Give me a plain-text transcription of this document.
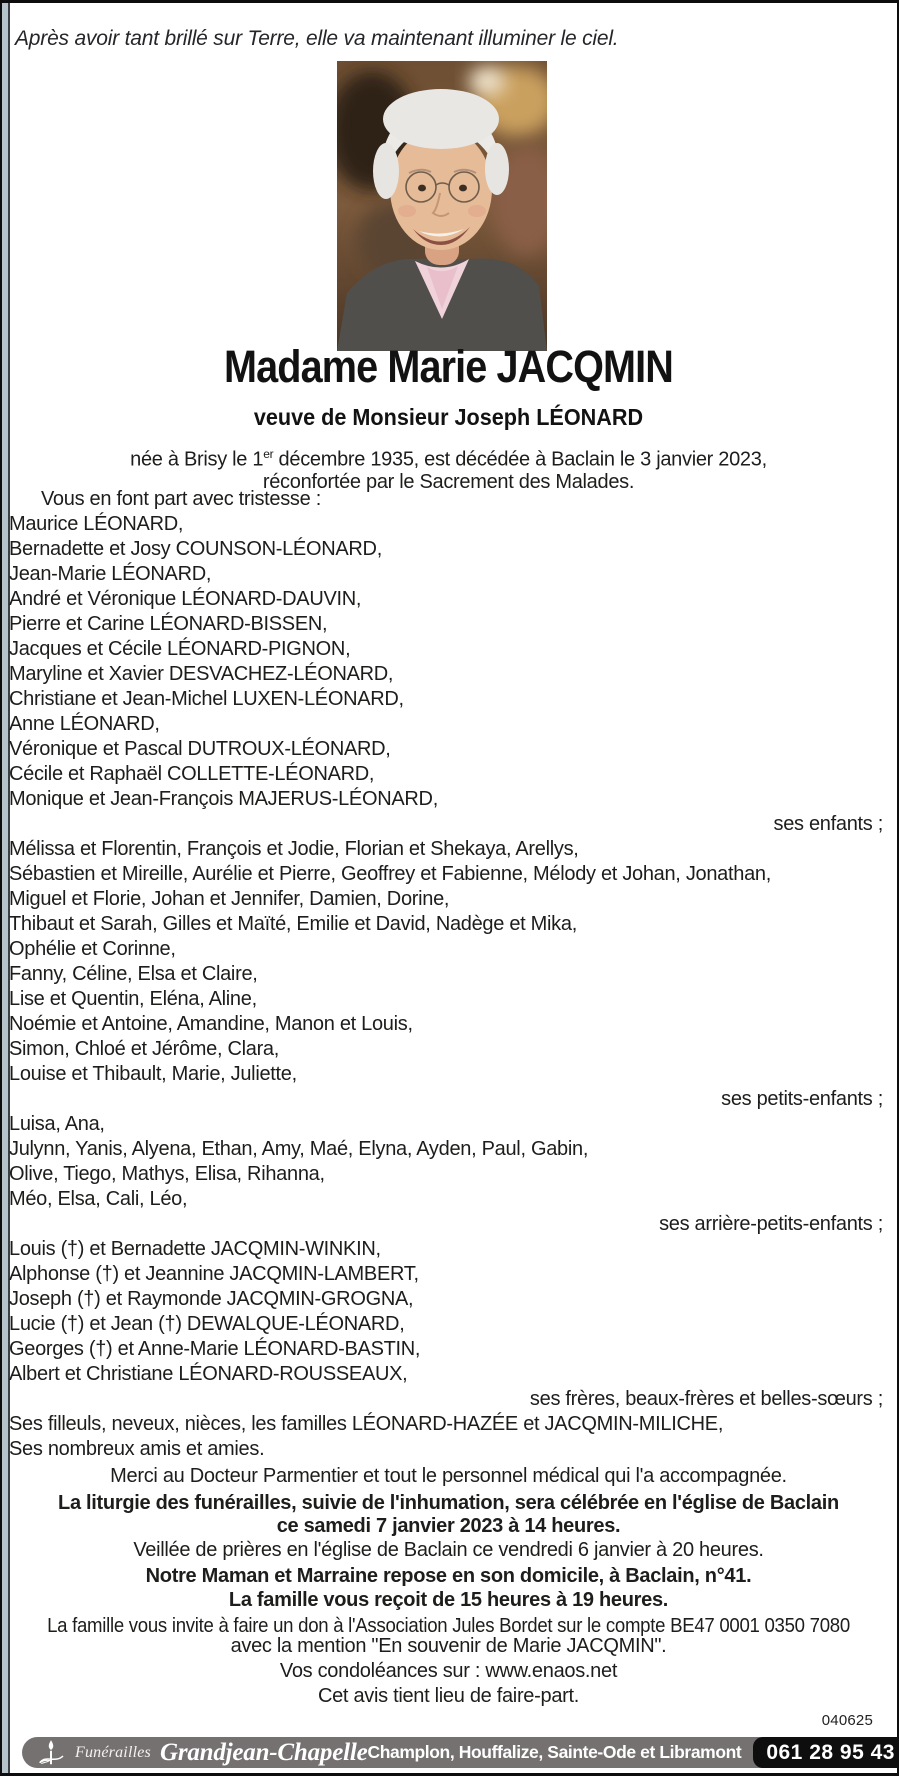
Après avoir tant brillé sur Terre, elle va maintenant illuminer le ciel.
Madame Marie JACQMIN
veuve de Monsieur Joseph LÉONARD
née à Brisy le 1er décembre 1935, est décédée à Baclain le 3 janvier 2023,
réconfortée par le Sacrement des Malades.
Vous en font part avec tristesse :
Maurice LÉONARD,
Bernadette et Josy COUNSON-LÉONARD,
Jean-Marie LÉONARD,
André et Véronique LÉONARD-DAUVIN,
Pierre et Carine LÉONARD-BISSEN,
Jacques et Cécile LÉONARD-PIGNON,
Maryline et Xavier DESVACHEZ-LÉONARD,
Christiane et Jean-Michel LUXEN-LÉONARD,
Anne LÉONARD,
Véronique et Pascal DUTROUX-LÉONARD,
Cécile et Raphaël COLLETTE-LÉONARD,
Monique et Jean-François MAJERUS-LÉONARD,
ses enfants ;
Mélissa et Florentin, François et Jodie, Florian et Shekaya, Arellys,
Sébastien et Mireille, Aurélie et Pierre, Geoffrey et Fabienne, Mélody et Johan, Jonathan,
Miguel et Florie, Johan et Jennifer, Damien, Dorine,
Thibaut et Sarah, Gilles et Maïté, Emilie et David, Nadège et Mika,
Ophélie et Corinne,
Fanny, Céline, Elsa et Claire,
Lise et Quentin, Eléna, Aline,
Noémie et Antoine, Amandine, Manon et Louis,
Simon, Chloé et Jérôme, Clara,
Louise et Thibault, Marie, Juliette,
ses petits-enfants ;
Luisa, Ana,
Julynn, Yanis, Alyena, Ethan, Amy, Maé, Elyna, Ayden, Paul, Gabin,
Olive, Tiego, Mathys, Elisa, Rihanna,
Méo, Elsa, Cali, Léo,
ses arrière-petits-enfants ;
Louis (†) et Bernadette JACQMIN-WINKIN,
Alphonse (†) et Jeannine JACQMIN-LAMBERT,
Joseph (†) et Raymonde JACQMIN-GROGNA,
Lucie (†) et Jean (†) DEWALQUE-LÉONARD,
Georges (†) et Anne-Marie LÉONARD-BASTIN,
Albert et Christiane LÉONARD-ROUSSEAUX,
ses frères, beaux-frères et belles-sœurs ;
Ses filleuls, neveux, nièces, les familles LÉONARD-HAZÉE et JACQMIN-MILICHE,
Ses nombreux amis et amies.
Merci au Docteur Parmentier et tout le personnel médical qui l'a accompagnée.
La liturgie des funérailles, suivie de l'inhumation, sera célébrée en l'église de Baclain
ce samedi 7 janvier 2023 à 14 heures.
Veillée de prières en l'église de Baclain ce vendredi 6 janvier à 20 heures.
Notre Maman et Marraine repose en son domicile, à Baclain, n°41.
La famille vous reçoit de 15 heures à 19 heures.
La famille vous invite à faire un don à l'Association Jules Bordet sur le compte BE47 0001 0350 7080
avec la mention "En souvenir de Marie JACQMIN".
Vos condoléances sur : www.enaos.net
Cet avis tient lieu de faire-part.
040625
Funérailles Grandjean-Chapelle Champlon, Houffalize, Sainte-Ode et Libramont	061 28 95 43
